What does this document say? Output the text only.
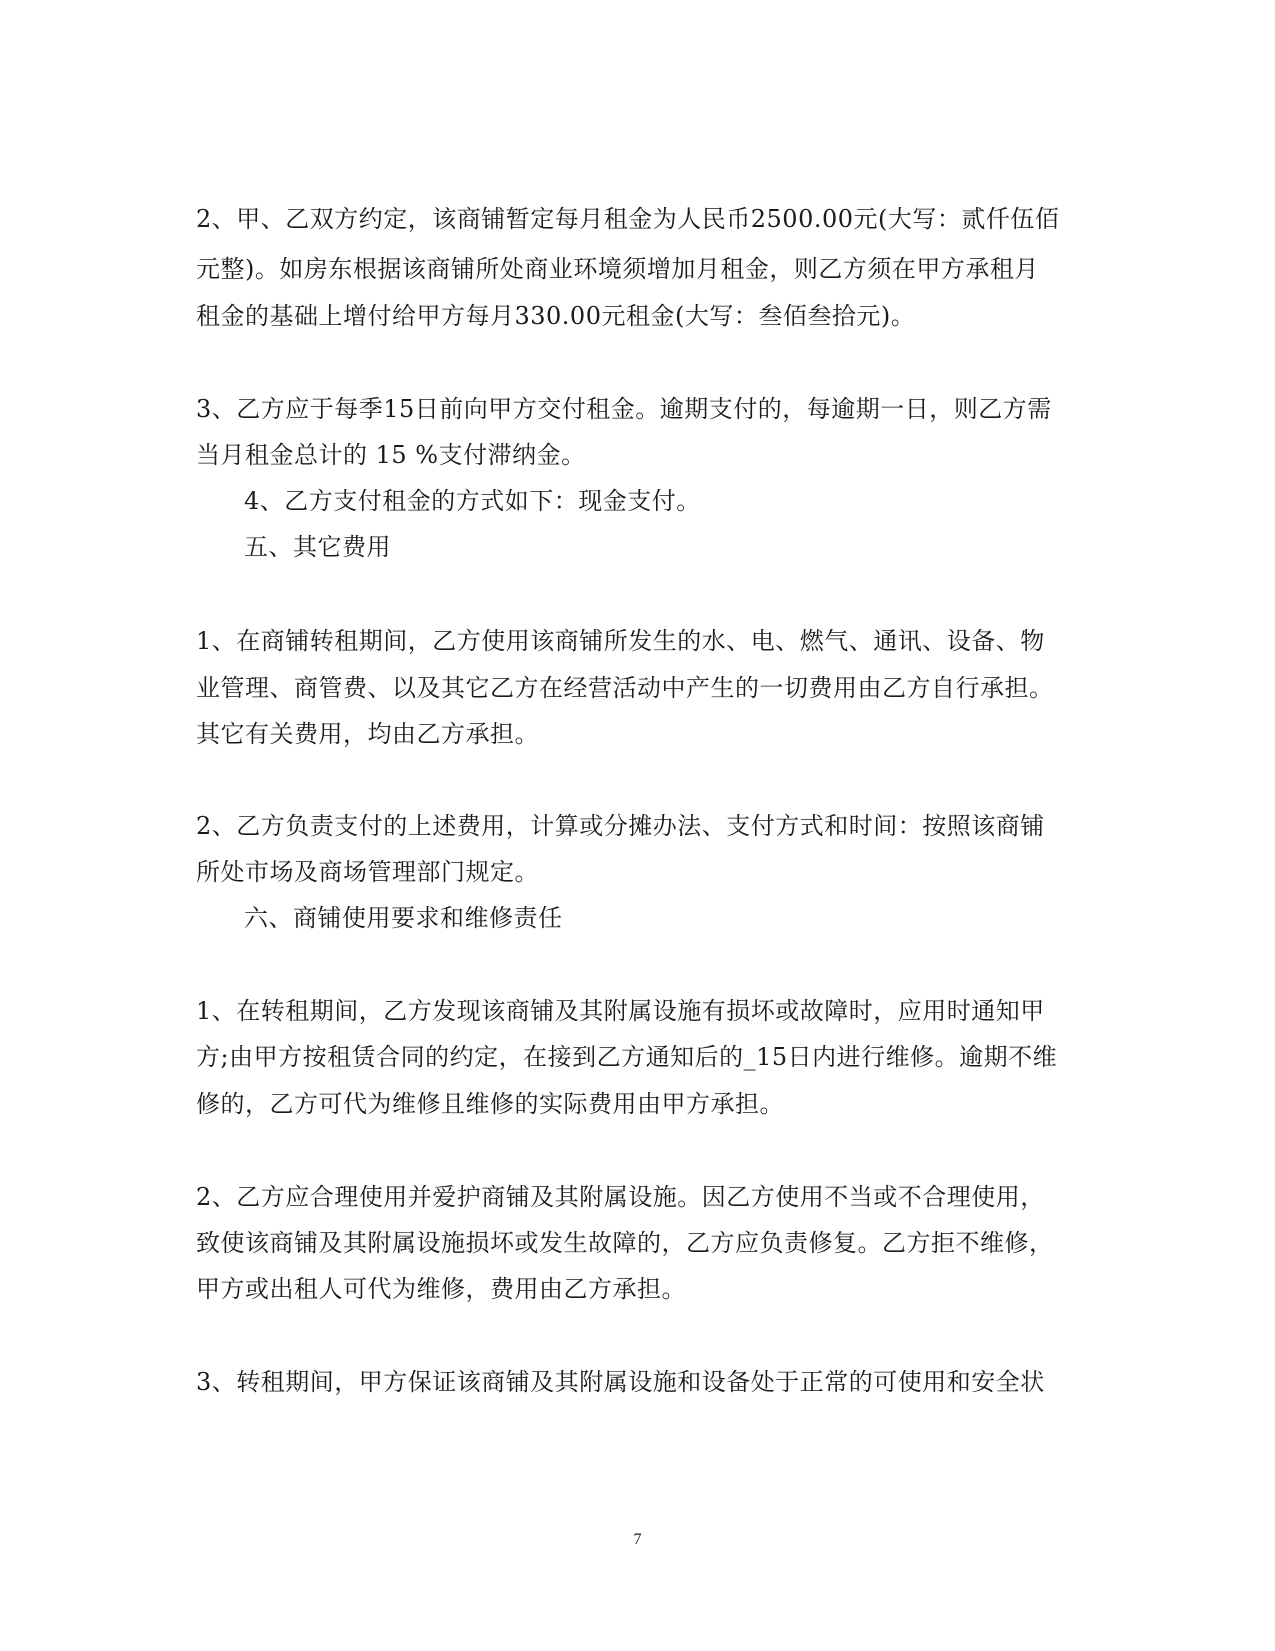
2、甲、乙双方约定，该商铺暂定每月租金为人民币2500.00元(大写：贰仟伍佰
元整)。如房东根据该商铺所处商业环境须增加月租金，则乙方须在甲方承租月
租金的基础上增付给甲方每月330.00元租金(大写：叁佰叁拾元)。
3、乙方应于每季15日前向甲方交付租金。逾期支付的，每逾期一日，则乙方需
当月租金总计的 15 %支付滞纳金。
4、乙方支付租金的方式如下：现金支付。
五、其它费用
1、在商铺转租期间，乙方使用该商铺所发生的水、电、燃气、通讯、设备、物
业管理、商管费、以及其它乙方在经营活动中产生的一切费用由乙方自行承担。
其它有关费用，均由乙方承担。
2、乙方负责支付的上述费用，计算或分摊办法、支付方式和时间：按照该商铺
所处市场及商场管理部门规定。
六、商铺使用要求和维修责任
1、在转租期间，乙方发现该商铺及其附属设施有损坏或故障时，应用时通知甲
方;由甲方按租赁合同的约定，在接到乙方通知后的_15日内进行维修。逾期不维
修的，乙方可代为维修且维修的实际费用由甲方承担。
2、乙方应合理使用并爱护商铺及其附属设施。因乙方使用不当或不合理使用，
致使该商铺及其附属设施损坏或发生故障的，乙方应负责修复。乙方拒不维修，
甲方或出租人可代为维修，费用由乙方承担。
3、转租期间，甲方保证该商铺及其附属设施和设备处于正常的可使用和安全状
7
